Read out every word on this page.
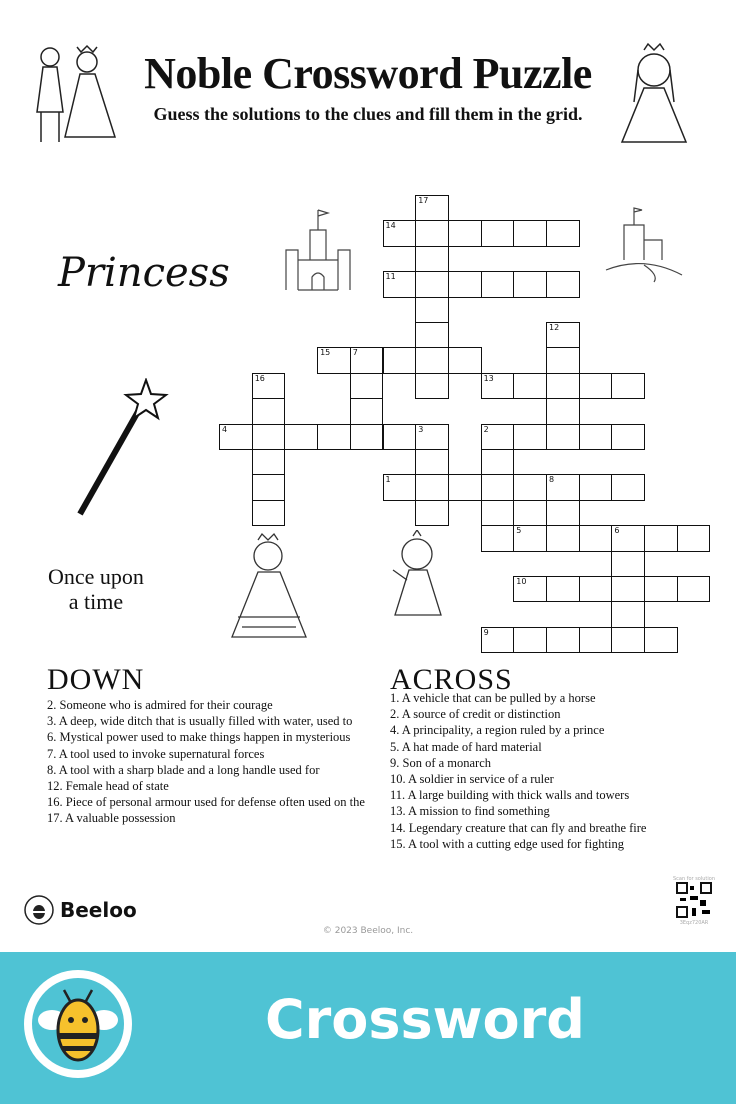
Noble Crossword Puzzle
Guess the solutions to the clues and fill them in the grid.
Princess
Once upon
a time
17
14
11
12
15	7
16	13
4	3	2
1	8
5	6
10
9
DOWN
2. Someone who is admired for their courage
3. A deep, wide ditch that is usually filled with water, used to
6. Mystical power used to make things happen in mysterious
7. A tool used to invoke supernatural forces
8. A tool with a sharp blade and a long handle used for
12. Female head of state
16. Piece of personal armour used for defense often used on the
17. A valuable possession
ACROSS
1. A vehicle that can be pulled by a horse
2. A source of credit or distinction
4. A principality, a region ruled by a prince
5. A hat made of hard material
9. Son of a monarch
10. A soldier in service of a ruler
11. A large building with thick walls and towers
13. A mission to find something
14. Legendary creature that can fly and breathe fire
15. A tool with a cutting edge used for fighting
Beeloo
© 2023 Beeloo, Inc.
Scan for solution
3Eqz720AR
Crossword
